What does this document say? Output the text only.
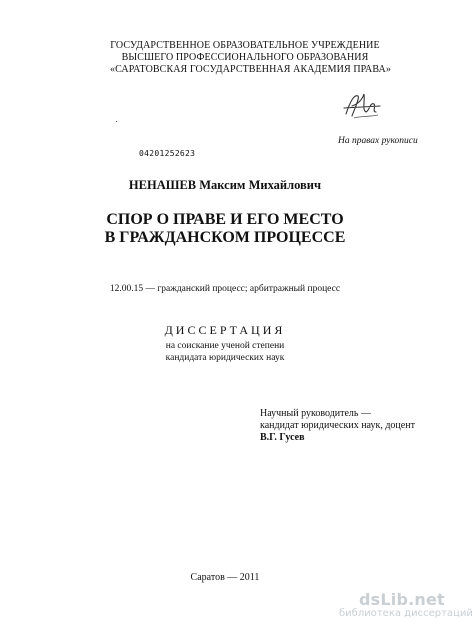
ГОСУДАРСТВЕННОЕ ОБРАЗОВАТЕЛЬНОЕ УЧРЕЖДЕНИЕ
ВЫСШЕГО ПРОФЕССИОНАЛЬНОГО ОБРАЗОВАНИЯ
«САРАТОВСКАЯ ГОСУДАРСТВЕННАЯ АКАДЕМИЯ ПРАВА»
На правах рукописи
04201252623
НЕНАШЕВ Максим Михайлович
СПОР О ПРАВЕ И ЕГО МЕСТО
В ГРАЖДАНСКОМ ПРОЦЕССЕ
12.00.15 — гражданский процесс; арбитражный процесс
ДИССЕРТАЦИЯ
на соискание ученой степени
кандидата юридических наук
Научный руководитель —
кандидат юридических наук, доцент
В.Г. Гусев
Саратов — 2011
dsLib.net
библиотека диссертаций
